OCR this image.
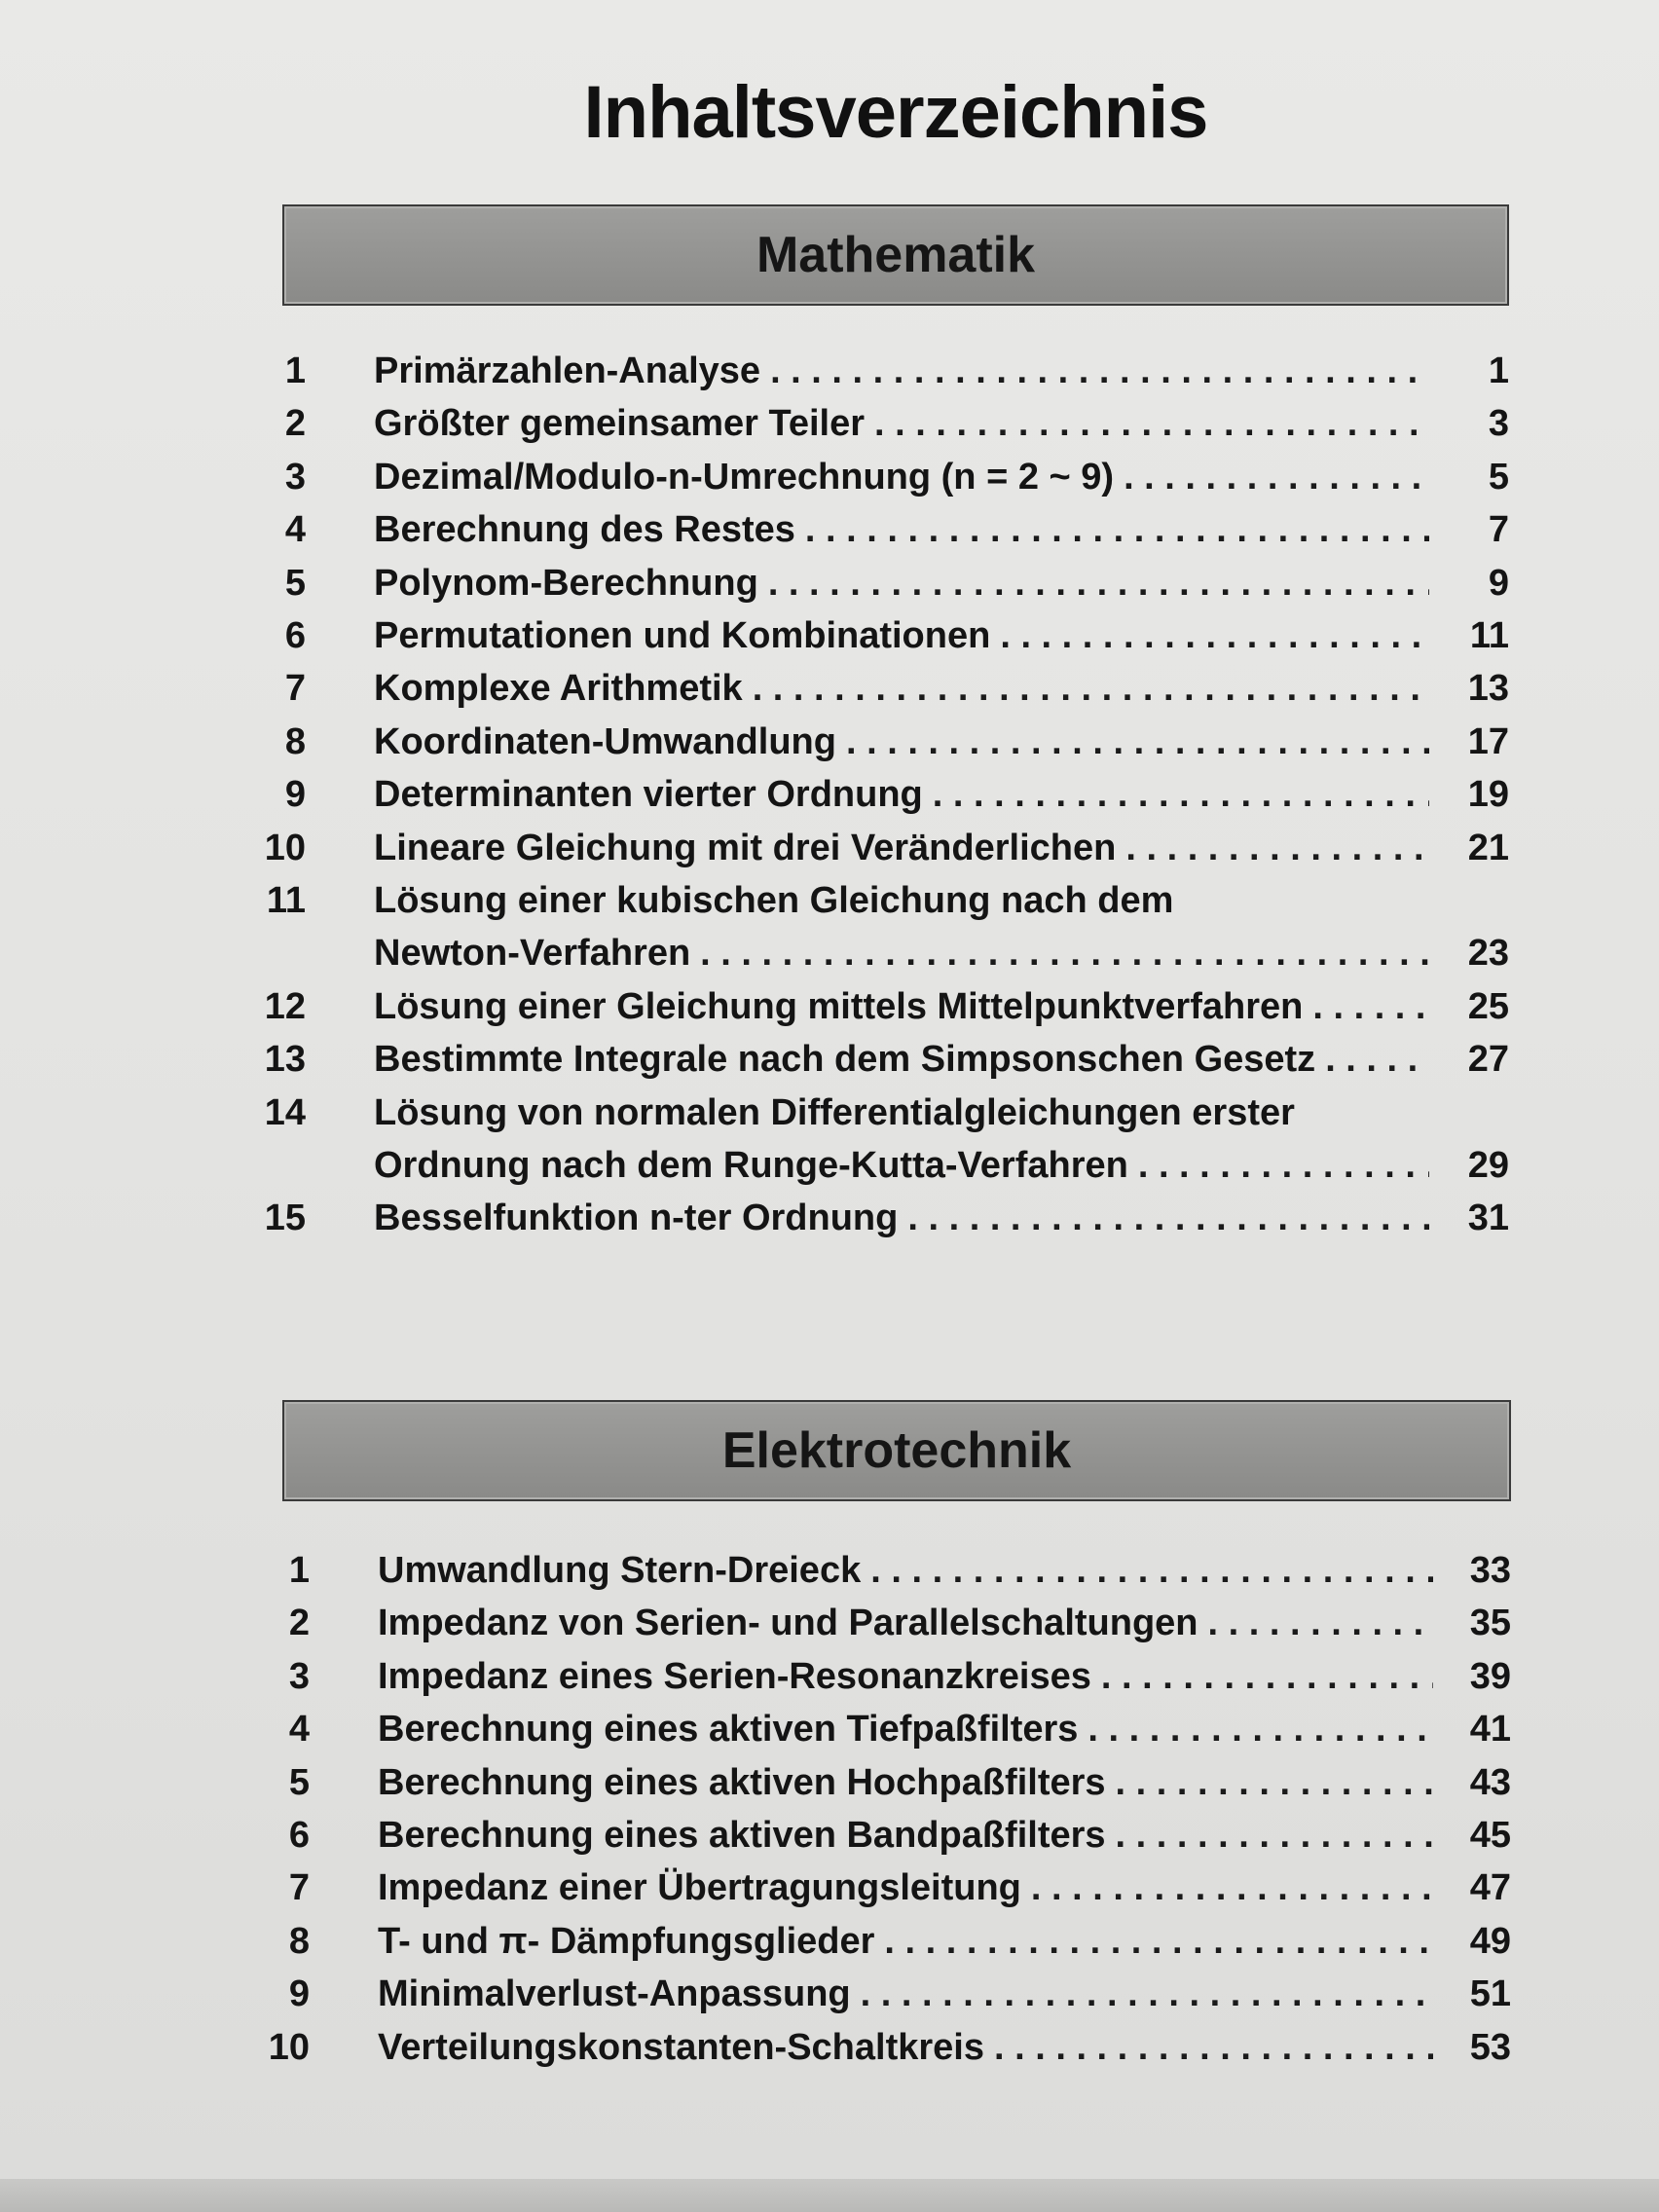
Inhaltsverzeichnis
Mathematik
Elektrotechnik
1 Primärzahlen-Analyse . . .	1
2 Größter gemeinsamer Teiler . . .	3
3 Dezimal/Modulo-n-Umrechnung (n = 2 ~ 9) . . .	5
4 Berechnung des Restes . . .	7
5 Polynom-Berechnung . . .	9
6 Permutationen und Kombinationen . . .	11
7 Komplexe Arithmetik . . .	13
8 Koordinaten-Umwandlung . . .	17
9 Determinanten vierter Ordnung . . .	19
10 Lineare Gleichung mit drei Veränderlichen . . .	21
11 Lösung einer kubischen Gleichung nach dem
Newton-Verfahren . . .	23
12 Lösung einer Gleichung mittels Mittelpunktverfahren . . .	25
13 Bestimmte Integrale nach dem Simpsonschen Gesetz . . .	27
14 Lösung von normalen Differentialgleichungen erster
Ordnung nach dem Runge-Kutta-Verfahren . . .	29
15 Besselfunktion n-ter Ordnung . . .	31
1 Umwandlung Stern-Dreieck . . .	33
2 Impedanz von Serien- und Parallelschaltungen . . .	35
3 Impedanz eines Serien-Resonanzkreises . . .	39
4 Berechnung eines aktiven Tiefpaßfilters . . .	41
5 Berechnung eines aktiven Hochpaßfilters . . .	43
6 Berechnung eines aktiven Bandpaßfilters . . .	45
7 Impedanz einer Übertragungsleitung . . .	47
8 T- und π- Dämpfungsglieder . . .	49
9 Minimalverlust-Anpassung . . .	51
10 Verteilungskonstanten-Schaltkreis . . .	53
